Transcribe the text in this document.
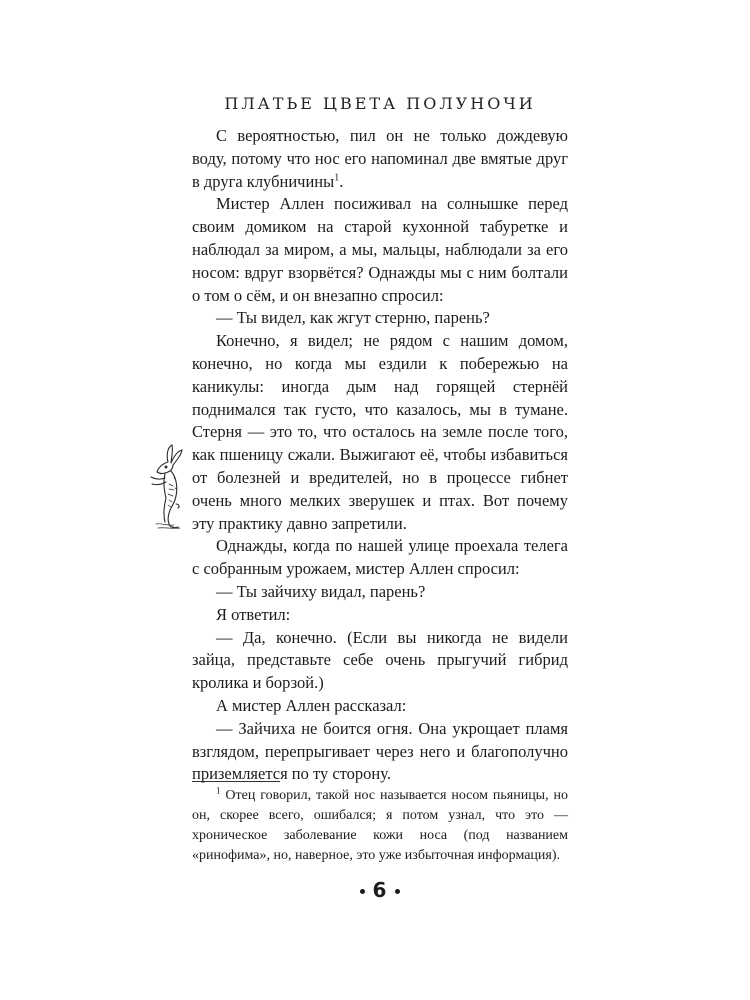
ПЛАТЬЕ ЦВЕТА ПОЛУНОЧИ

С вероятностью, пил он не только дождевую воду, потому что нос его напоминал две вмятые друг в друга клубничины$^1$.

Мистер Аллен посиживал на солнышке перед своим домиком на старой кухонной табуретке и наблюдал за миром, а мы, мальцы, наблюдали за его носом: вдруг взорвётся? Однажды мы с ним болтали о том о сём, и он внезапно спросил:

— Ты видел, как жгут стерню, парень?

Конечно, я видел; не рядом с нашим домом, конечно, но когда мы ездили к побережью на каникулы: иногда дым над горящей стернёй поднимался так густо, что казалось, мы в тумане. Стерня — это то, что осталось на земле после того, как пшеницу сжали. Выжигают её, чтобы избавиться от болезней и вредителей, но в процессе гибнет очень много мелких зверушек и птах. Вот почему эту практику давно запретили.

Однажды, когда по нашей улице проехала телега с собранным урожаем, мистер Аллен спросил:

— Ты зайчиху видал, парень?

Я ответил:

— Да, конечно. (Если вы никогда не видели зайца, представьте себе очень прыгучий гибрид кролика и борзой.)

А мистер Аллен рассказал:

— Зайчиха не боится огня. Она укрощает пламя взглядом, перепрыгивает через него и благополучно приземляется по ту сторону.

$^1$ Отец говорил, такой нос называется носом пьяницы, но он, скорее всего, ошибался; я потом узнал, что это — хроническое заболевание кожи носа (под названием «ринофима», но, наверное, это уже избыточная информация).
6
